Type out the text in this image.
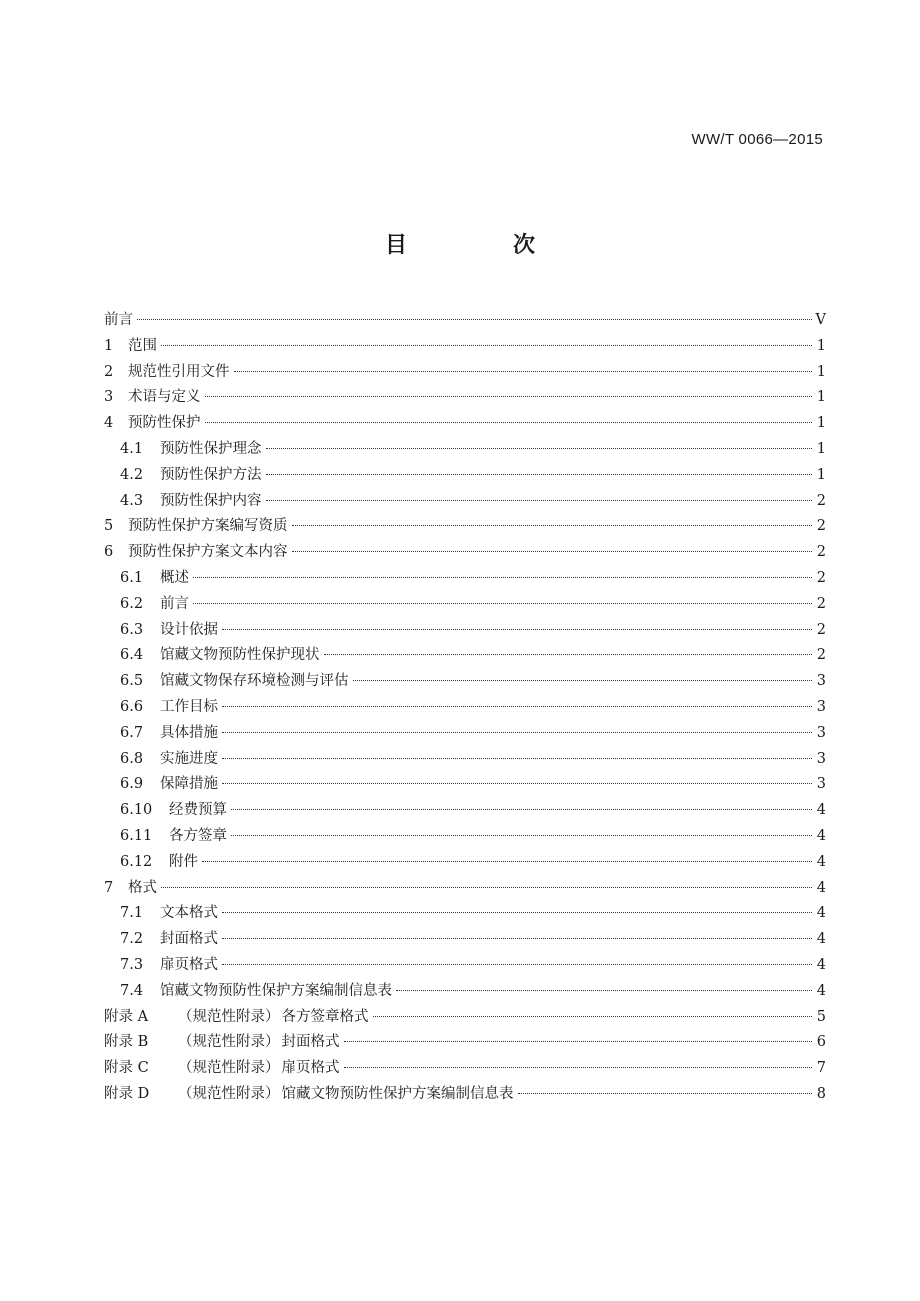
WW/T 0066—2015
目　次
前言	V
1	范围	1
2	规范性引用文件	1
3	术语与定义	1
4	预防性保护	1
4.1	预防性保护理念	1
4.2	预防性保护方法	1
4.3	预防性保护内容	2
5	预防性保护方案编写资质	2
6	预防性保护方案文本内容	2
6.1	概述	2
6.2	前言	2
6.3	设计依据	2
6.4	馆藏文物预防性保护现状	2
6.5	馆藏文物保存环境检测与评估	3
6.6	工作目标	3
6.7	具体措施	3
6.8	实施进度	3
6.9	保障措施	3
6.10	经费预算	4
6.11	各方签章	4
6.12	附件	4
7	格式	4
7.1	文本格式	4
7.2	封面格式	4
7.3	扉页格式	4
7.4	馆藏文物预防性保护方案编制信息表	4
附录 A	（规范性附录） 各方签章格式	5
附录 B	（规范性附录） 封面格式	6
附录 C	（规范性附录） 扉页格式	7
附录 D	（规范性附录） 馆藏文物预防性保护方案编制信息表	8
